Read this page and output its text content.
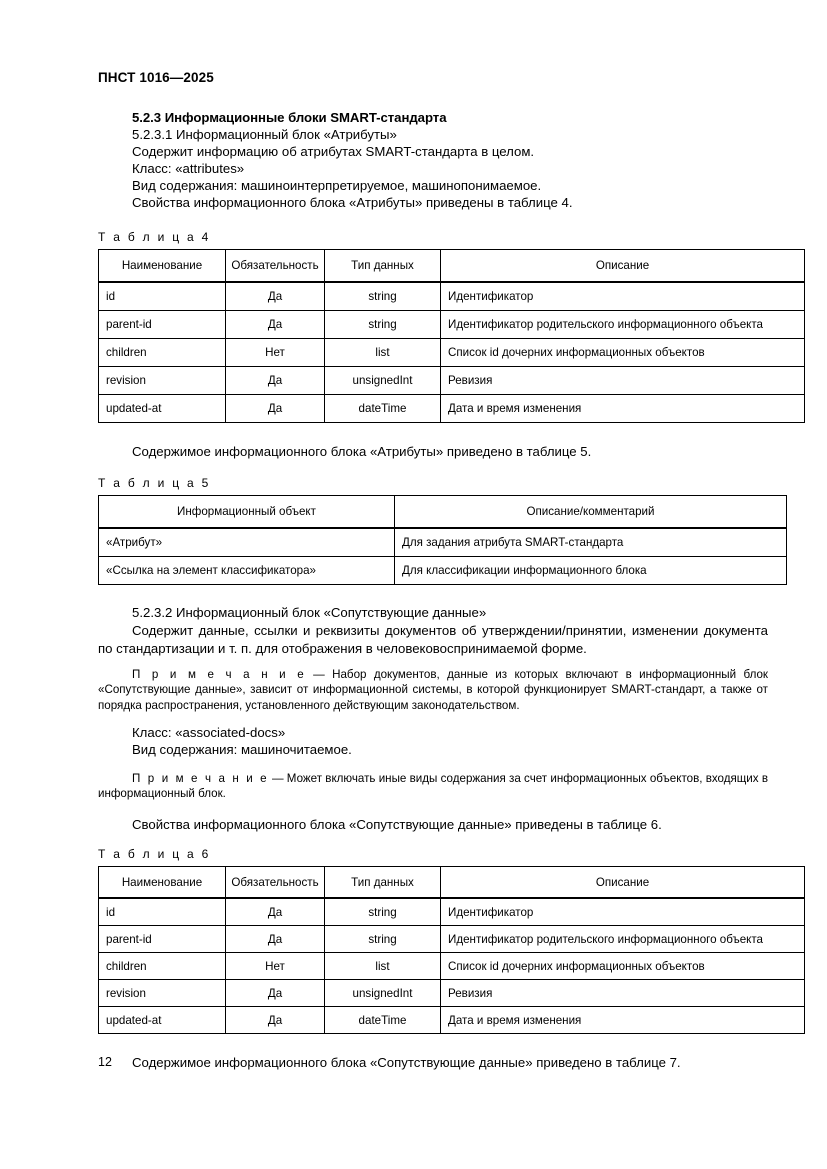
ПНСТ 1016—2025
5.2.3 Информационные блоки SMART-стандарта
5.2.3.1 Информационный блок «Атрибуты»
Содержит информацию об атрибутах SMART-стандарта в целом.
Класс: «attributes»
Вид содержания: машиноинтерпретируемое, машинопонимаемое.
Свойства информационного блока «Атрибуты» приведены в таблице 4.
Т а б л и ц а 4
Наименование	Обязательность	Тип данных	Описание
id	Да	string	Идентификатор
parent-id	Да	string	Идентификатор родительского информационного объекта
children	Нет	list	Список id дочерних информационных объектов
revision	Да	unsignedInt	Ревизия
updated-at	Да	dateTime	Дата и время изменения

Содержимое информационного блока «Атрибуты» приведено в таблице 5.

Т а б л и ц а 5
Информационный объект	Описание/комментарий
«Атрибут»	Для задания атрибута SMART-стандарта
«Ссылка на элемент классификатора»	Для классификации информационного блока
5.2.3.2 Информационный блок «Сопутствующие данные»

Содержит данные, ссылки и реквизиты документов об утверждении/принятии, изменении документа по стандартизации и т. п. для отображения в человековоспринимаемой форме.

П р и м е ч а н и е — Набор документов, данные из которых включают в информационный блок «Сопутствующие данные», зависит от информационной системы, в которой функционирует SMART-стандарт, а также от порядка распространения, установленного действующим законодательством.

Класс: «associated-docs»
Вид содержания: машиночитаемое.

П р и м е ч а н и е — Может включать иные виды содержания за счет информационных объектов, входящих в информационный блок.

Свойства информационного блока «Сопутствующие данные» приведены в таблице 6.

Т а б л и ц а 6
Наименование	Обязательность	Тип данных	Описание
id	Да	string	Идентификатор
parent-id	Да	string	Идентификатор родительского информационного объекта
children	Нет	list	Список id дочерних информационных объектов
revision	Да	unsignedInt	Ревизия
updated-at	Да	dateTime	Дата и время изменения

Содержимое информационного блока «Сопутствующие данные» приведено в таблице 7.

12
